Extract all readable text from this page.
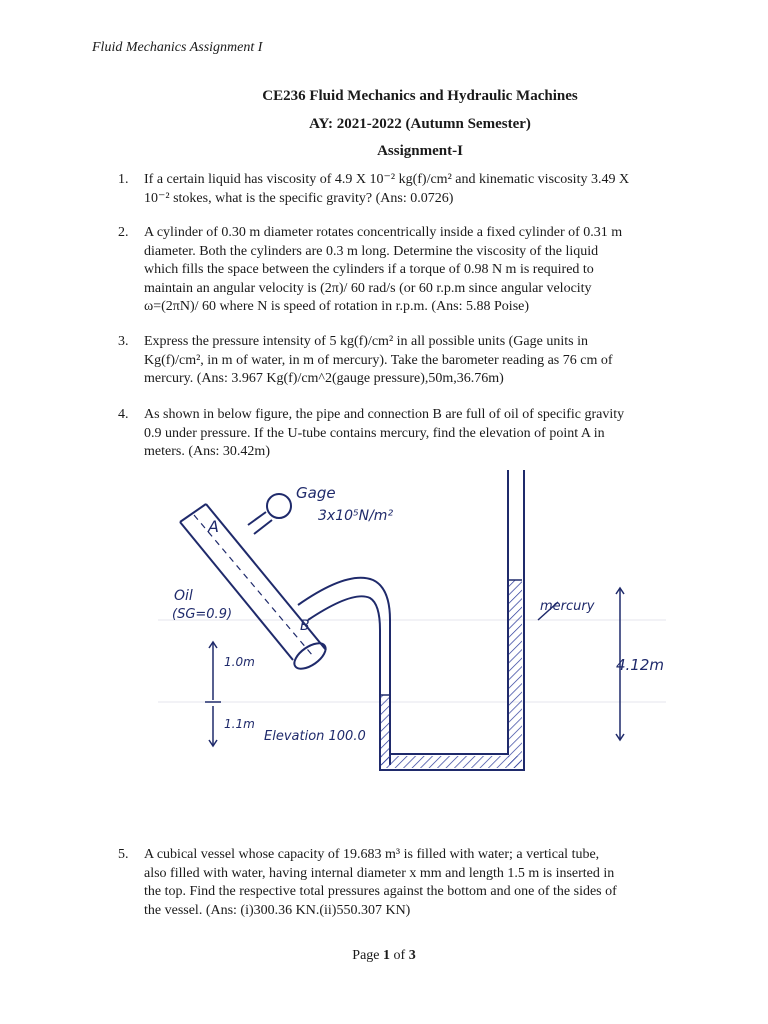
Fluid Mechanics Assignment I
CE236 Fluid Mechanics and Hydraulic Machines
AY: 2021-2022 (Autumn Semester)
Assignment-I
1. If a certain liquid has viscosity of 4.9 X 10⁻² kg(f)/cm² and kinematic viscosity 3.49 X
10⁻² stokes, what is the specific gravity? (Ans: 0.0726)
2. A cylinder of 0.30 m diameter rotates concentrically inside a fixed cylinder of 0.31 m
diameter. Both the cylinders are 0.3 m long. Determine the viscosity of the liquid
which fills the space between the cylinders if a torque of 0.98 N m is required to
maintain an angular velocity is (2π)/ 60 rad/s (or 60 r.p.m since angular velocity
ω=(2πN)/ 60 where N is speed of rotation in r.p.m. (Ans: 5.88 Poise)
3. Express the pressure intensity of 5 kg(f)/cm² in all possible units (Gage units in
Kg(f)/cm², in m of water, in m of mercury). Take the barometer reading as 76 cm of
mercury. (Ans: 3.967 Kg(f)/cm^2(gauge pressure),50m,36.76m)
4. As shown in below figure, the pipe and connection B are full of oil of specific gravity
0.9 under pressure. If the U-tube contains mercury, find the elevation of point A in
meters. (Ans: 30.42m)
Gage
3x10⁵N/m²
A
B
Oil
(SG=0.9)
1.0m
1.1m
Elevation 100.0
mercury
4.12m
5. A cubical vessel whose capacity of 19.683 m³ is filled with water; a vertical tube,
also filled with water, having internal diameter x mm and length 1.5 m is inserted in
the top. Find the respective total pressures against the bottom and one of the sides of
the vessel. (Ans: (i)300.36 KN.(ii)550.307 KN)
Page 1 of 3
